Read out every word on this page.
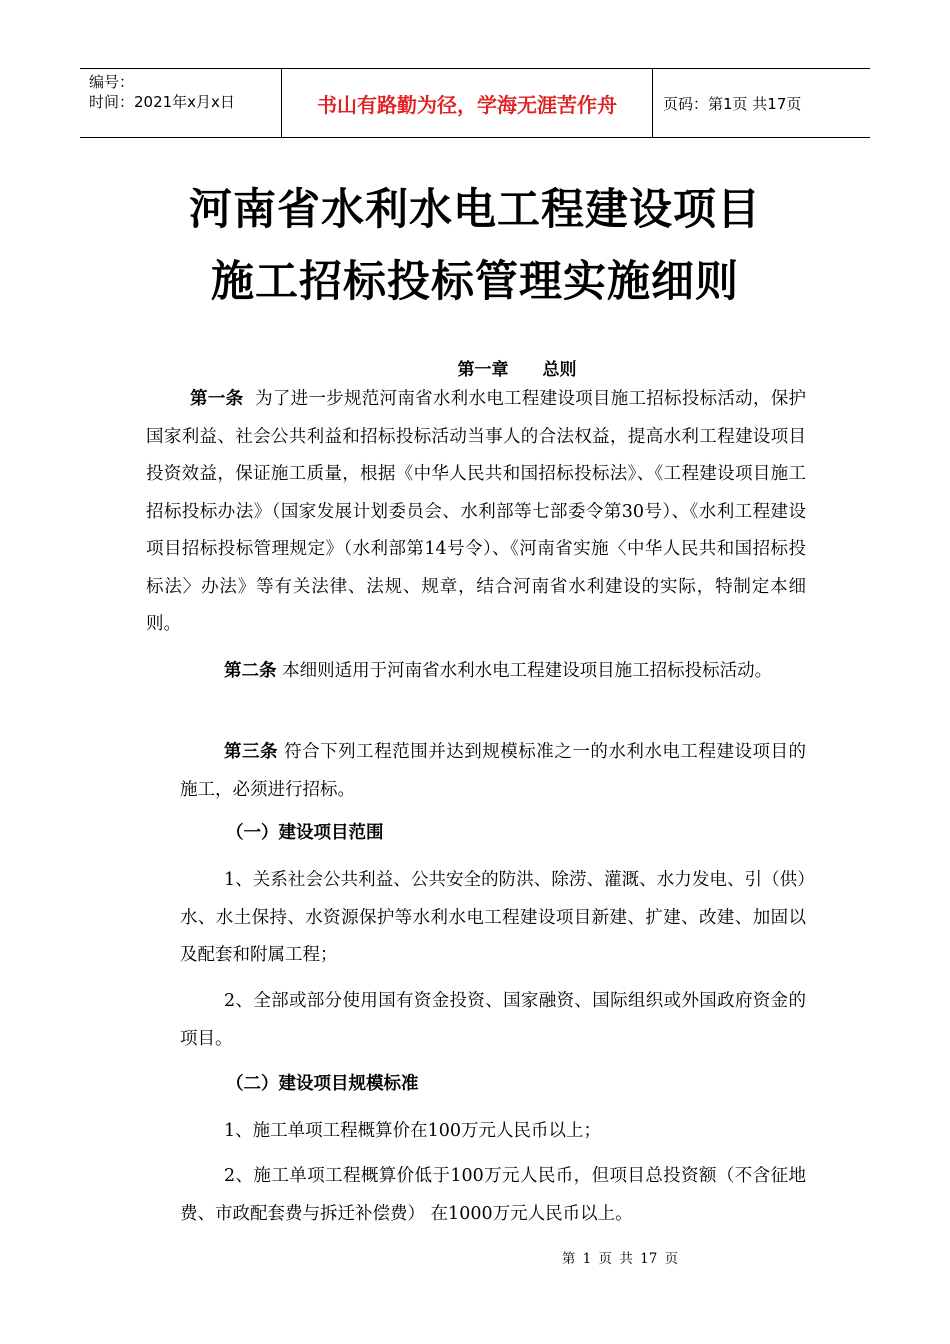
编号：
时间：2021年x月x日	书山有路勤为径，学海无涯苦作舟	页码：第1页 共17页
河南省水利水电工程建设项目
施工招标投标管理实施细则
第一章 总则
第一条 为了进一步规范河南省水利水电工程建设项目施工招标投标活动，保护国家利益、社会公共利益和招标投标活动当事人的合法权益，提高水利工程建设项目投资效益，保证施工质量，根据《中华人民共和国招标投标法》、《工程建设项目施工招标投标办法》（国家发展计划委员会、水利部等七部委令第30号）、《水利工程建设项目招标投标管理规定》（水利部第14号令）、《河南省实施〈中华人民共和国招标投标法〉办法》等有关法律、法规、规章，结合河南省水利建设的实际，特制定本细则。
第二条 本细则适用于河南省水利水电工程建设项目施工招标投标活动。
第三条 符合下列工程范围并达到规模标准之一的水利水电工程建设项目的施工，必须进行招标。
（一）建设项目范围
1、关系社会公共利益、公共安全的防洪、除涝、灌溉、水力发电、引（供）水、水土保持、水资源保护等水利水电工程建设项目新建、扩建、改建、加固以及配套和附属工程；
2、全部或部分使用国有资金投资、国家融资、国际组织或外国政府资金的项目。
（二）建设项目规模标准
1、施工单项工程概算价在100万元人民币以上；
2、施工单项工程概算价低于100万元人民币，但项目总投资额（不含征地费、市政配套费与拆迁补偿费） 在1000万元人民币以上。
第 1 页 共 17 页
